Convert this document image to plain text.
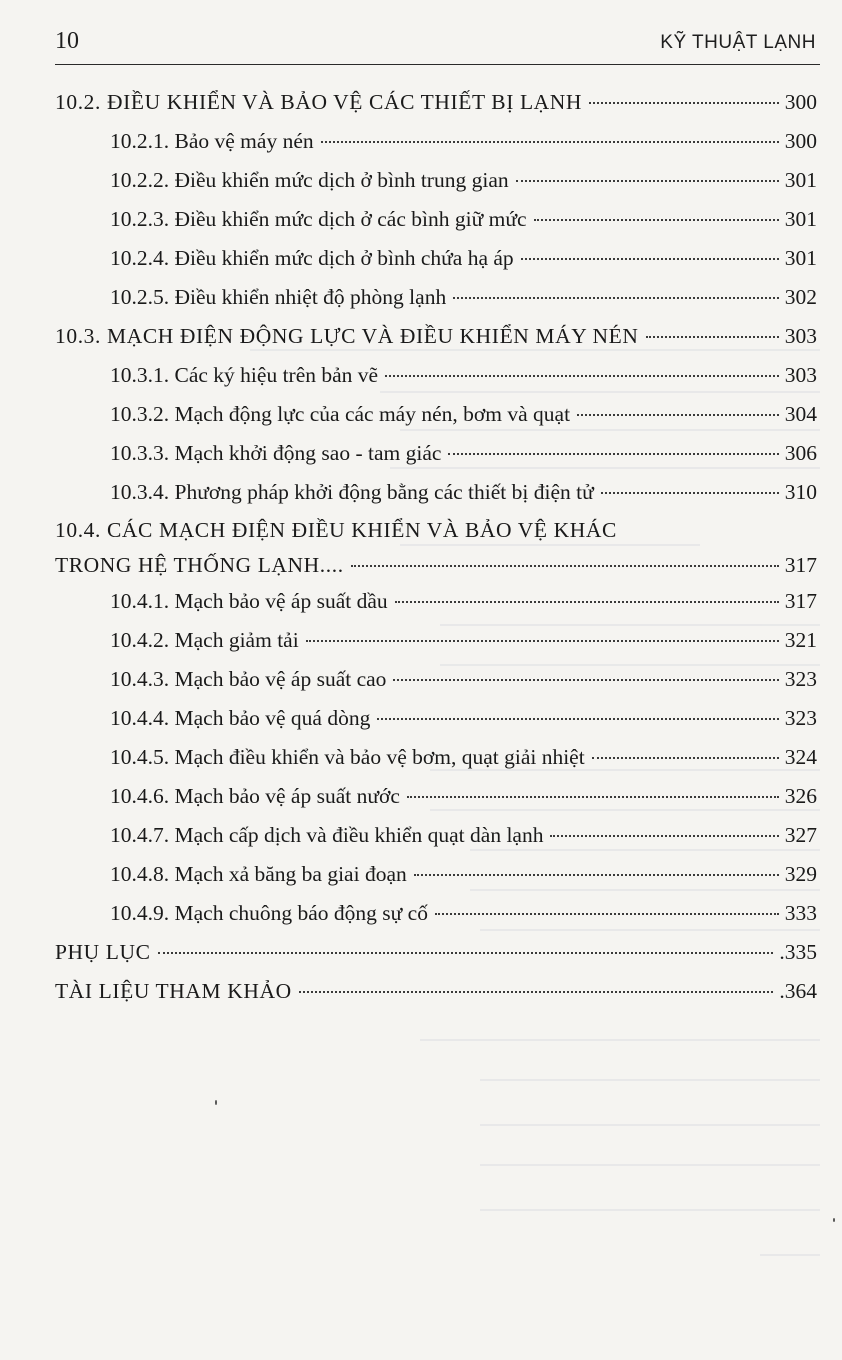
10	KỸ THUẬT LẠNH
10.2. ĐIỀU KHIỂN VÀ BẢO VỆ CÁC THIẾT BỊ LẠNH	300
10.2.1. Bảo vệ máy nén	300
10.2.2. Điều khiển mức dịch ở bình trung gian	301
10.2.3. Điều khiển mức dịch ở các bình giữ mức	301
10.2.4. Điều khiển mức dịch ở bình chứa hạ áp	301
10.2.5. Điều khiển nhiệt độ phòng lạnh	302
10.3. MẠCH ĐIỆN ĐỘNG LỰC VÀ ĐIỀU KHIỂN MÁY NÉN	303
10.3.1. Các ký hiệu trên bản vẽ	303
10.3.2. Mạch động lực của các máy nén, bơm và quạt	304
10.3.3. Mạch khởi động sao - tam giác	306
10.3.4. Phương pháp khởi động bằng các thiết bị điện tử	310
10.4. CÁC MẠCH ĐIỆN ĐIỀU KHIỂN VÀ BẢO VỆ KHÁC
TRONG HỆ THỐNG LẠNH....	317
10.4.1. Mạch bảo vệ áp suất dầu	317
10.4.2. Mạch giảm tải	321
10.4.3. Mạch bảo vệ áp suất cao	323
10.4.4. Mạch bảo vệ quá dòng	323
10.4.5. Mạch điều khiển và bảo vệ bơm, quạt giải nhiệt	324
10.4.6. Mạch bảo vệ áp suất nước	326
10.4.7. Mạch cấp dịch và điều khiển quạt dàn lạnh	327
10.4.8. Mạch xả băng ba giai đoạn	329
10.4.9. Mạch chuông báo động sự cố	333
PHỤ LỤC	.335
TÀI LIỆU THAM KHẢO	.364
